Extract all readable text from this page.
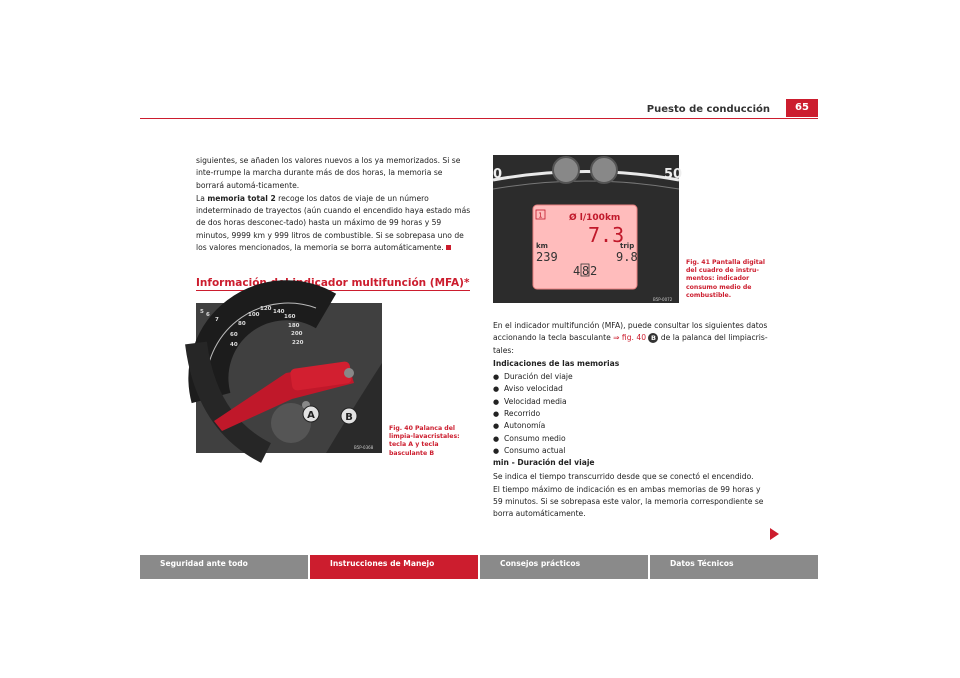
Puesto de conducción	65

siguientes, se añaden los valores nuevos a los ya memorizados. Si se inte-rrumpe la marcha durante más de dos horas, la memoria se borrará automá-ticamente.

La memoria total 2 recoge los datos de viaje de un número indeterminado de trayectos (aún cuando el encendido haya estado más de dos horas desconec-tado) hasta un máximo de 99 horas y 59 minutos, 9999 km y 999 litros de combustible. Si se sobrepasa uno de los valores mencionados, la memoria se borra automáticamente.

Información del indicador multifunción (MFA)*
5 6
7
80
100
120 140
160
180
200
220
60
40
A	B
B5P-0368
Fig. 40 Palanca del limpia-lavacristales: tecla A y tecla basculante B
0	50
1	Ø l/100km
7.3
km
239
trip
9.8
4 8 2
B5P-0072
Fig. 41 Pantalla digital del cuadro de instru-mentos: indicador consumo medio de combustible.

En el indicador multifunción (MFA), puede consultar los siguientes datos accionando la tecla basculante ⇒ fig. 40 B de la palanca del limpiacris-tales:

Indicaciones de las memorias

● Duración del viaje
● Aviso velocidad
● Velocidad media
● Recorrido
● Autonomía
● Consumo medio
● Consumo actual

min - Duración del viaje

Se indica el tiempo transcurrido desde que se conectó el encendido.

El tiempo máximo de indicación es en ambas memorias de 99 horas y 59 minutos. Si se sobrepasa este valor, la memoria correspondiente se borra automáticamente.

Seguridad ante todo	Instrucciones de Manejo	Consejos prácticos	Datos Técnicos
